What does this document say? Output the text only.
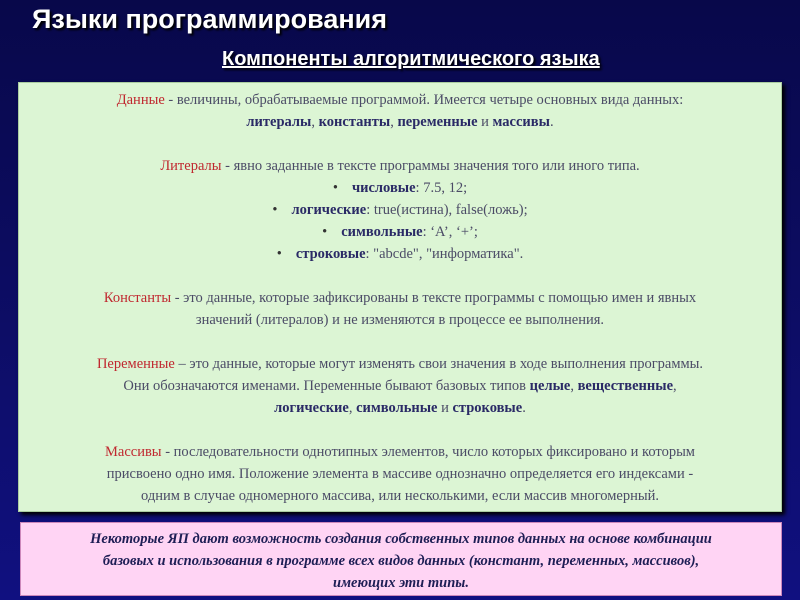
Языки программирования
Компоненты алгоритмического языка

Данные - величины, обрабатываемые программой. Имеется четыре основных вида данных:
литералы, константы, переменные и массивы.

Литералы - явно заданные в тексте программы значения того или иного типа.

• числовые: 7.5, 12;
• логические: true(истина), false(ложь);
• символьные: ‘A’, ‘+’;
• строковые: "abcde", "информатика".

Константы - это данные, которые зафиксированы в тексте программы с помощью имен и явных
значений (литералов) и не изменяются в процессе ее выполнения.

Переменные – это данные, которые могут изменять свои значения в ходе выполнения программы.
Они обозначаются именами. Переменные бывают базовых типов целые, вещественные,
логические, символьные и строковые.

Массивы - последовательности однотипных элементов, число которых фиксировано и которым
присвоено одно имя. Положение элемента в массиве однозначно определяется его индексами -
одним в случае одномерного массива, или несколькими, если массив многомерный.

Некоторые ЯП дают возможность создания собственных типов данных на основе комбинации
базовых и использования в программе всех видов данных (констант, переменных, массивов),
имеющих эти типы.
